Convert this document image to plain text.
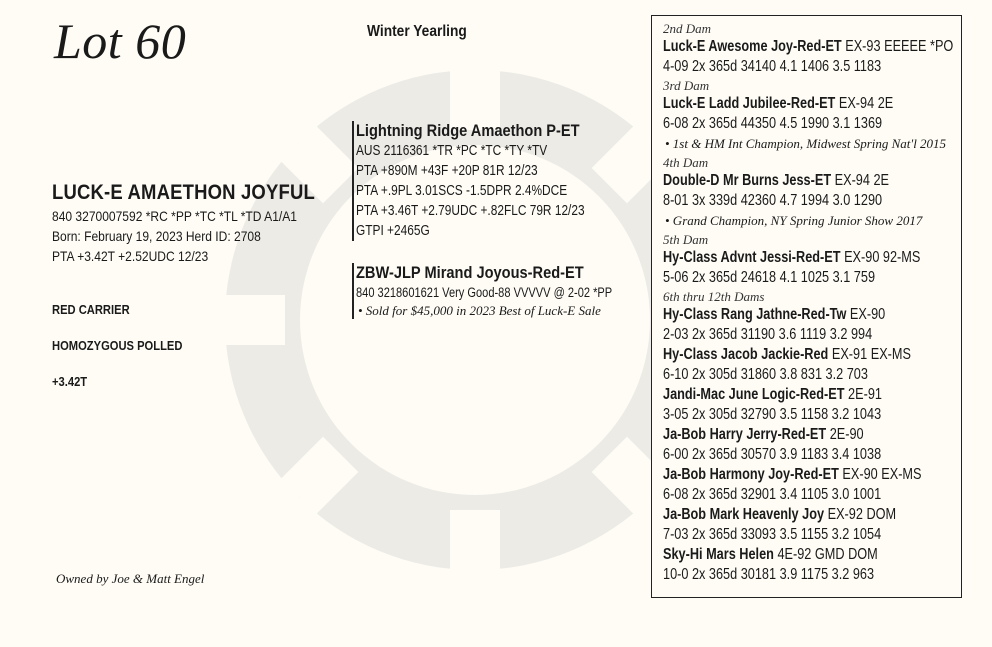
Lot 60	Winter Yearling
LUCK-E AMAETHON JOYFUL
840 3270007592 *RC *PP *TC *TL *TD A1/A1
Born: February 19, 2023 Herd ID: 2708
PTA +3.42T +2.52UDC 12/23
RED CARRIER
HOMOZYGOUS POLLED
+3.42T
Lightning Ridge Amaethon P-ET
AUS 2116361 *TR *PC *TC *TY *TV
PTA +890M +43F +20P 81R 12/23
PTA +.9PL 3.01SCS -1.5DPR 2.4%DCE
PTA +3.46T +2.79UDC +.82FLC 79R 12/23
GTPI +2465G
ZBW-JLP Mirand Joyous-Red-ET
840 3218601621 Very Good-88 VVVVV @ 2-02 *PP
• Sold for $45,000 in 2023 Best of Luck-E Sale
2nd Dam
Luck-E Awesome Joy-Red-ET EX-93 EEEEE *PO
4-09 2x 365d 34140 4.1 1406 3.5 1183
3rd Dam
Luck-E Ladd Jubilee-Red-ET EX-94 2E
6-08 2x 365d 44350 4.5 1990 3.1 1369
• 1st & HM Int Champion, Midwest Spring Nat'l 2015
4th Dam
Double-D Mr Burns Jess-ET EX-94 2E
8-01 3x 339d 42360 4.7 1994 3.0 1290
• Grand Champion, NY Spring Junior Show 2017
5th Dam
Hy-Class Advnt Jessi-Red-ET EX-90 92-MS
5-06 2x 365d 24618 4.1 1025 3.1 759
6th thru 12th Dams
Hy-Class Rang Jathne-Red-Tw EX-90
2-03 2x 365d 31190 3.6 1119 3.2 994
Hy-Class Jacob Jackie-Red EX-91 EX-MS
6-10 2x 305d 31860 3.8 831 3.2 703
Jandi-Mac June Logic-Red-ET 2E-91
3-05 2x 305d 32790 3.5 1158 3.2 1043
Ja-Bob Harry Jerry-Red-ET 2E-90
6-00 2x 365d 30570 3.9 1183 3.4 1038
Ja-Bob Harmony Joy-Red-ET EX-90 EX-MS
6-08 2x 365d 32901 3.4 1105 3.0 1001
Ja-Bob Mark Heavenly Joy EX-92 DOM
7-03 2x 365d 33093 3.5 1155 3.2 1054
Sky-Hi Mars Helen 4E-92 GMD DOM
10-0 2x 365d 30181 3.9 1175 3.2 963
Owned by Joe & Matt Engel
